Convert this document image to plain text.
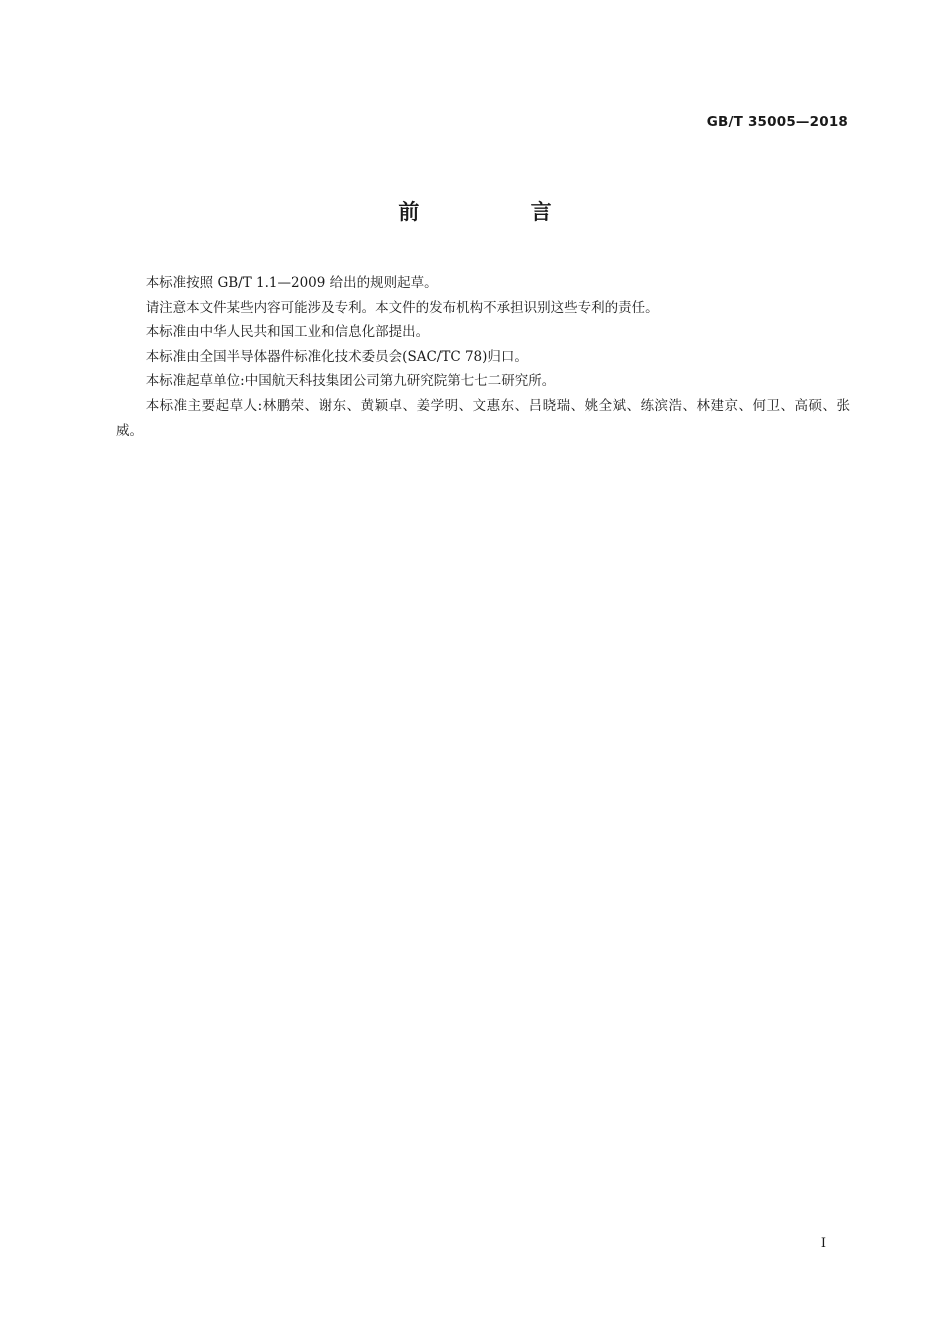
GB/T 35005—2018
前 言

本标准按照 GB/T 1.1—2009 给出的规则起草。

请注意本文件某些内容可能涉及专利。本文件的发布机构不承担识别这些专利的责任。

本标准由中华人民共和国工业和信息化部提出。

本标准由全国半导体器件标准化技术委员会(SAC/TC 78)归口。

本标准起草单位:中国航天科技集团公司第九研究院第七七二研究所。

本标准主要起草人:林鹏荣、谢东、黄颖卓、姜学明、文惠东、吕晓瑞、姚全斌、练滨浩、林建京、何卫、高硕、张威。

I
